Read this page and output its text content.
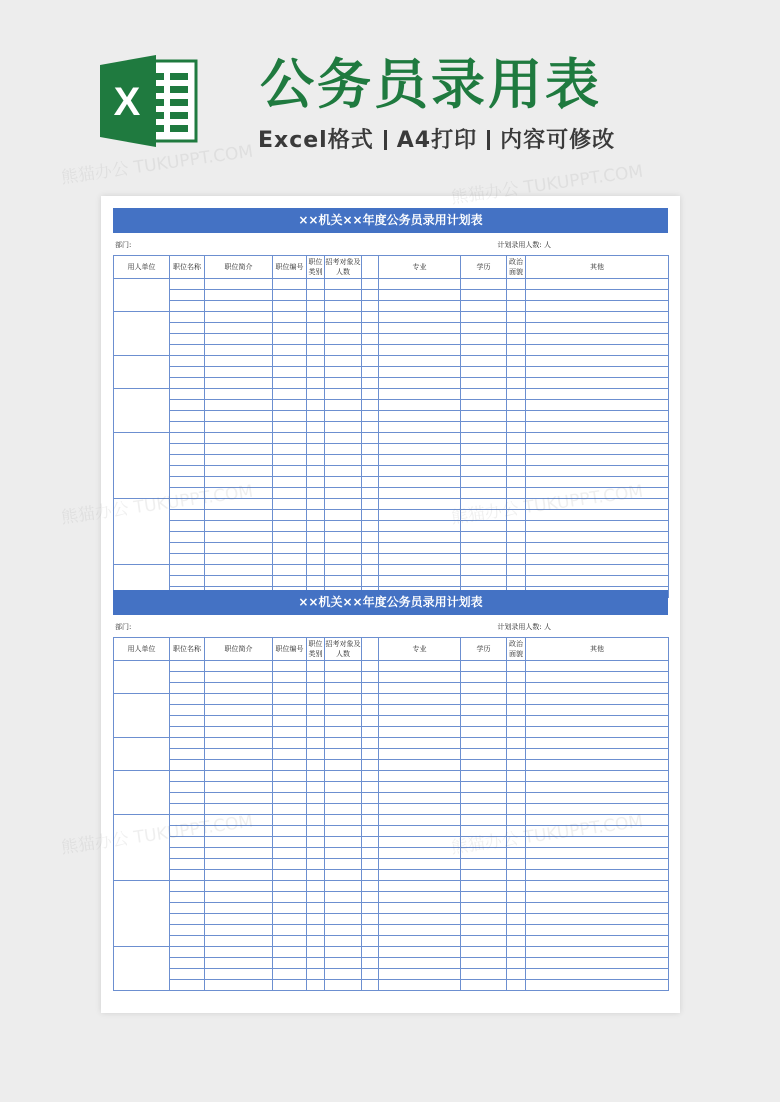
X 公务员录用表
Excel格式 A4打印 内容可修改
熊猫办公 TUKUPPT.COM	熊猫办公 TUKUPPT.COM
熊猫办公
熊猫办公
××机关××年度公务员录用计划表
部门:	计划录用人数: 人
用人单位	职位名称	职位简介	职位编号	职位类别	招考对象及人数		专业	学历	政治面貌	其他

××机关××年度公务员录用计划表
部门:	计划录用人数: 人
用人单位	职位名称	职位简介	职位编号	职位类别	招考对象及人数		专业	学历	政治面貌	其他
